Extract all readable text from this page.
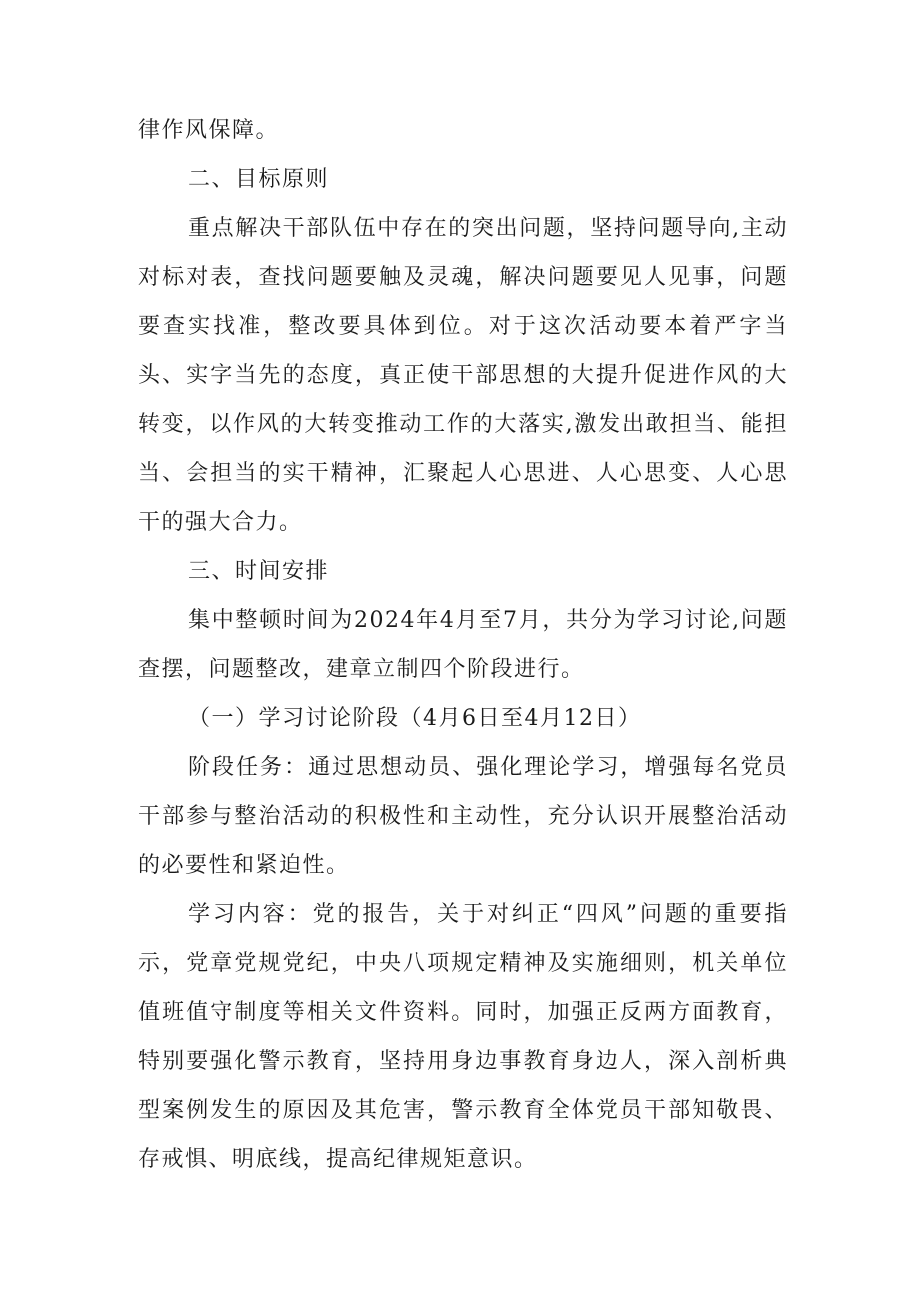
律作风保障。

二、目标原则

重点解决干部队伍中存在的突出问题，坚持问题导向,主动对标对表，查找问题要触及灵魂，解决问题要见人见事，问题要查实找准，整改要具体到位。对于这次活动要本着严字当头、实字当先的态度，真正使干部思想的大提升促进作风的大转变，以作风的大转变推动工作的大落实,激发出敢担当、能担当、会担当的实干精神，汇聚起人心思进、人心思变、人心思干的强大合力。

三、时间安排

集中整顿时间为2024年4月至7月，共分为学习讨论,问题查摆，问题整改，建章立制四个阶段进行。

（一）学习讨论阶段（4月6日至4月12日）

阶段任务：通过思想动员、强化理论学习，增强每名党员干部参与整治活动的积极性和主动性，充分认识开展整治活动的必要性和紧迫性。

学习内容：党的报告，关于对纠正“四风”问题的重要指示，党章党规党纪，中央八项规定精神及实施细则，机关单位值班值守制度等相关文件资料。同时，加强正反两方面教育，特别要强化警示教育，坚持用身边事教育身边人，深入剖析典型案例发生的原因及其危害，警示教育全体党员干部知敬畏、存戒惧、明底线，提高纪律规矩意识。
